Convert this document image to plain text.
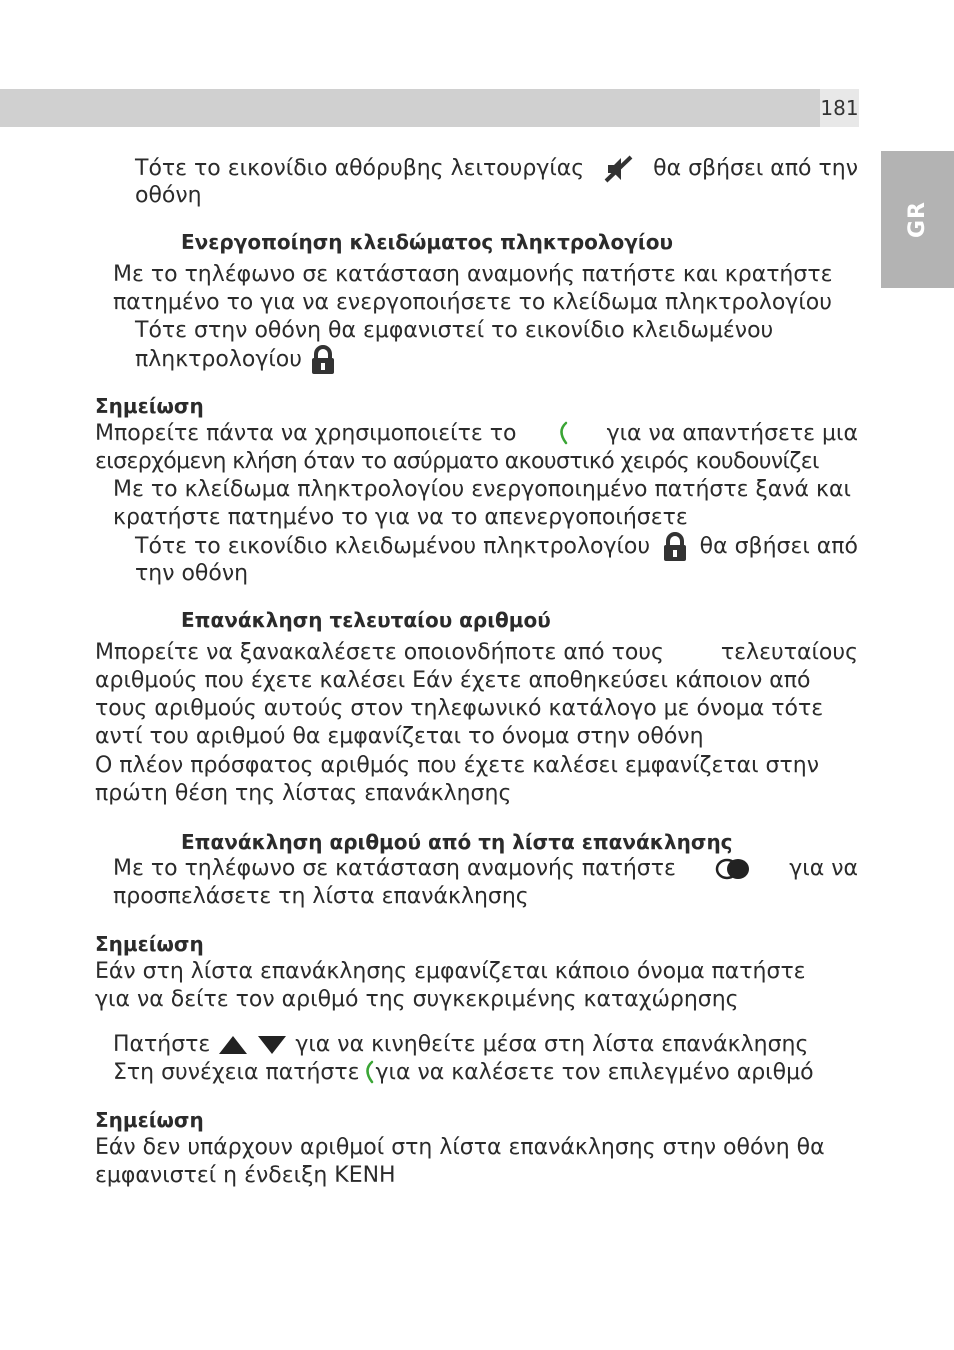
181
GR
Τότε το εικονίδιο αθόρυβης λειτουργίας	θα σβήσει από την
οθόνη
Ενεργοποίηση κλειδώματος πληκτρολογίου
Με το τηλέφωνο σε κατάσταση αναμονής πατήστε και κρατήστε
πατημένο το για να ενεργοποιήσετε το κλείδωμα πληκτρολογίου
Τότε στην οθόνη θα εμφανιστεί το εικονίδιο κλειδωμένου
πληκτρολογίου
Σημείωση
Μπορείτε πάντα να χρησιμοποιείτε το	για να απαντήσετε μια
εισερχόμενη κλήση όταν το ασύρματο ακουστικό χειρός κουδουνίζει
Με το κλείδωμα πληκτρολογίου ενεργοποιημένο πατήστε ξανά και
κρατήστε πατημένο το για να το απενεργοποιήσετε
Τότε το εικονίδιο κλειδωμένου πληκτρολογίου θα σβήσει από
την οθόνη
Επανάκληση τελευταίου αριθμού
Μπορείτε να ξανακαλέσετε οποιονδήποτε από τους	τελευταίους
αριθμούς που έχετε καλέσει Εάν έχετε αποθηκεύσει κάποιον από
τους αριθμούς αυτούς στον τηλεφωνικό κατάλογο με όνομα τότε
αντί του αριθμού θα εμφανίζεται το όνομα στην οθόνη
Ο πλέον πρόσφατος αριθμός που έχετε καλέσει εμφανίζεται στην
πρώτη θέση της λίστας επανάκλησης
Επανάκληση αριθμού από τη λίστα επανάκλησης
Με το τηλέφωνο σε κατάσταση αναμονής πατήστε	για να
προσπελάσετε τη λίστα επανάκλησης
Σημείωση
Εάν στη λίστα επανάκλησης εμφανίζεται κάποιο όνομα πατήστε
για να δείτε τον αριθμό της συγκεκριμένης καταχώρησης
Πατήστε
	για να κινηθείτε μέσα στη λίστα επανάκλησης
Στη συνέχεια πατήστε για να καλέσετε τον επιλεγμένο αριθμό
Σημείωση
Εάν δεν υπάρχουν αριθμοί στη λίστα επανάκλησης στην οθόνη θα
εμφανιστεί η ένδειξη ΚΕΝΗ
